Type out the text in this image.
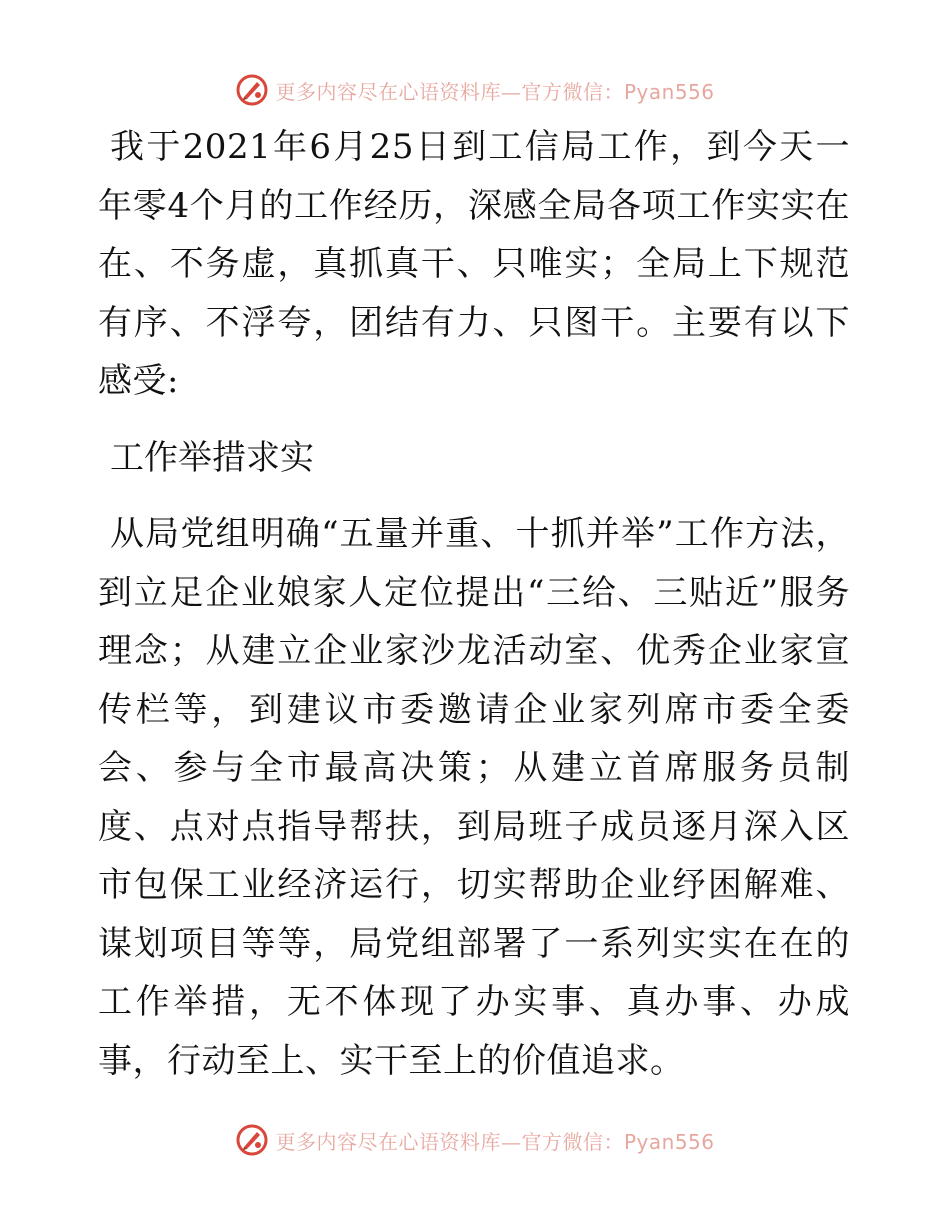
更多内容尽在心语资料库—官方微信：Pyan556

我于2021年6月25日到工信局工作，到今天一年零4个月的工作经历，深感全局各项工作实实在在、不务虚，真抓真干、只唯实；全局上下规范有序、不浮夸，团结有力、只图干。主要有以下感受:

工作举措求实

从局党组明确“五量并重、十抓并举”工作方法，到立足企业娘家人定位提出“三给、三贴近”服务理念；从建立企业家沙龙活动室、优秀企业家宣传栏等，到建议市委邀请企业家列席市委全委会、参与全市最高决策；从建立首席服务员制度、点对点指导帮扶，到局班子成员逐月深入区市包保工业经济运行，切实帮助企业纾困解难、谋划项目等等，局党组部署了一系列实实在在的工作举措，无不体现了办实事、真办事、办成事，行动至上、实干至上的价值追求。

更多内容尽在心语资料库—官方微信：Pyan556
